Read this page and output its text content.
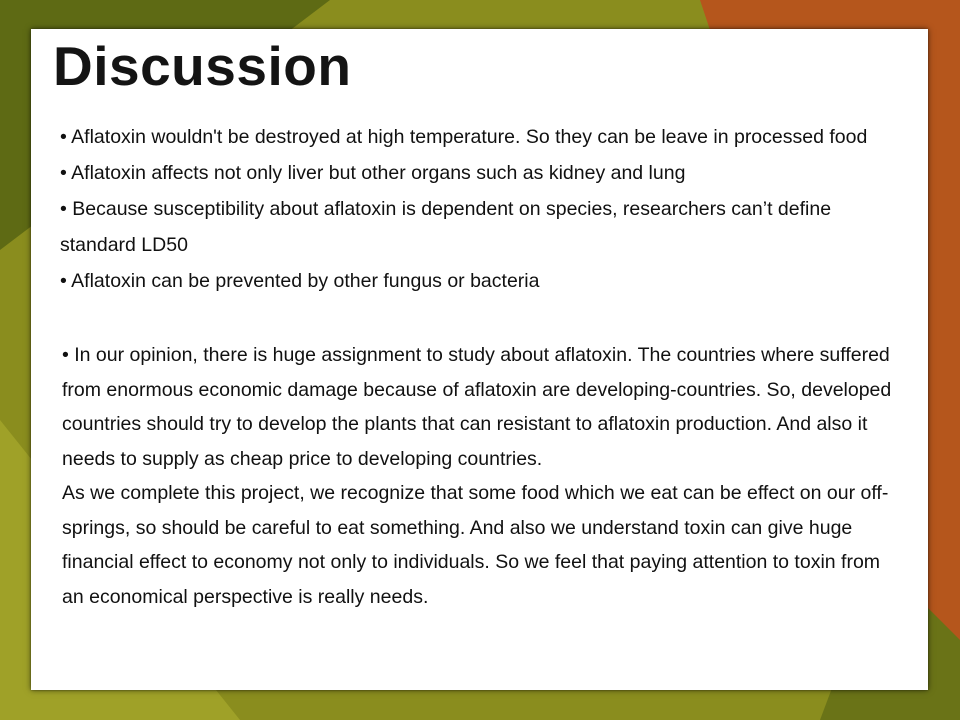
Discussion

• Aflatoxin wouldn't be destroyed at high temperature. So they can be leave in processed food

• Aflatoxin affects not only liver but other organs such as kidney and lung

• Because susceptibility about aflatoxin is dependent on species, researchers can’t define standard LD50

• Aflatoxin can be prevented by other fungus or bacteria

• In our opinion, there is huge assignment to study about aflatoxin. The countries where suffered from enormous economic damage because of aflatoxin are developing-countries. So, developed countries should try to develop the plants that can resistant to aflatoxin production. And also it needs to supply as cheap price to developing countries.

As we complete this project, we recognize that some food which we eat can be effect on our off-springs, so should be careful to eat something. And also we understand toxin can give huge financial effect to economy not only to individuals. So we feel that paying attention to toxin from an economical perspective is really needs.
